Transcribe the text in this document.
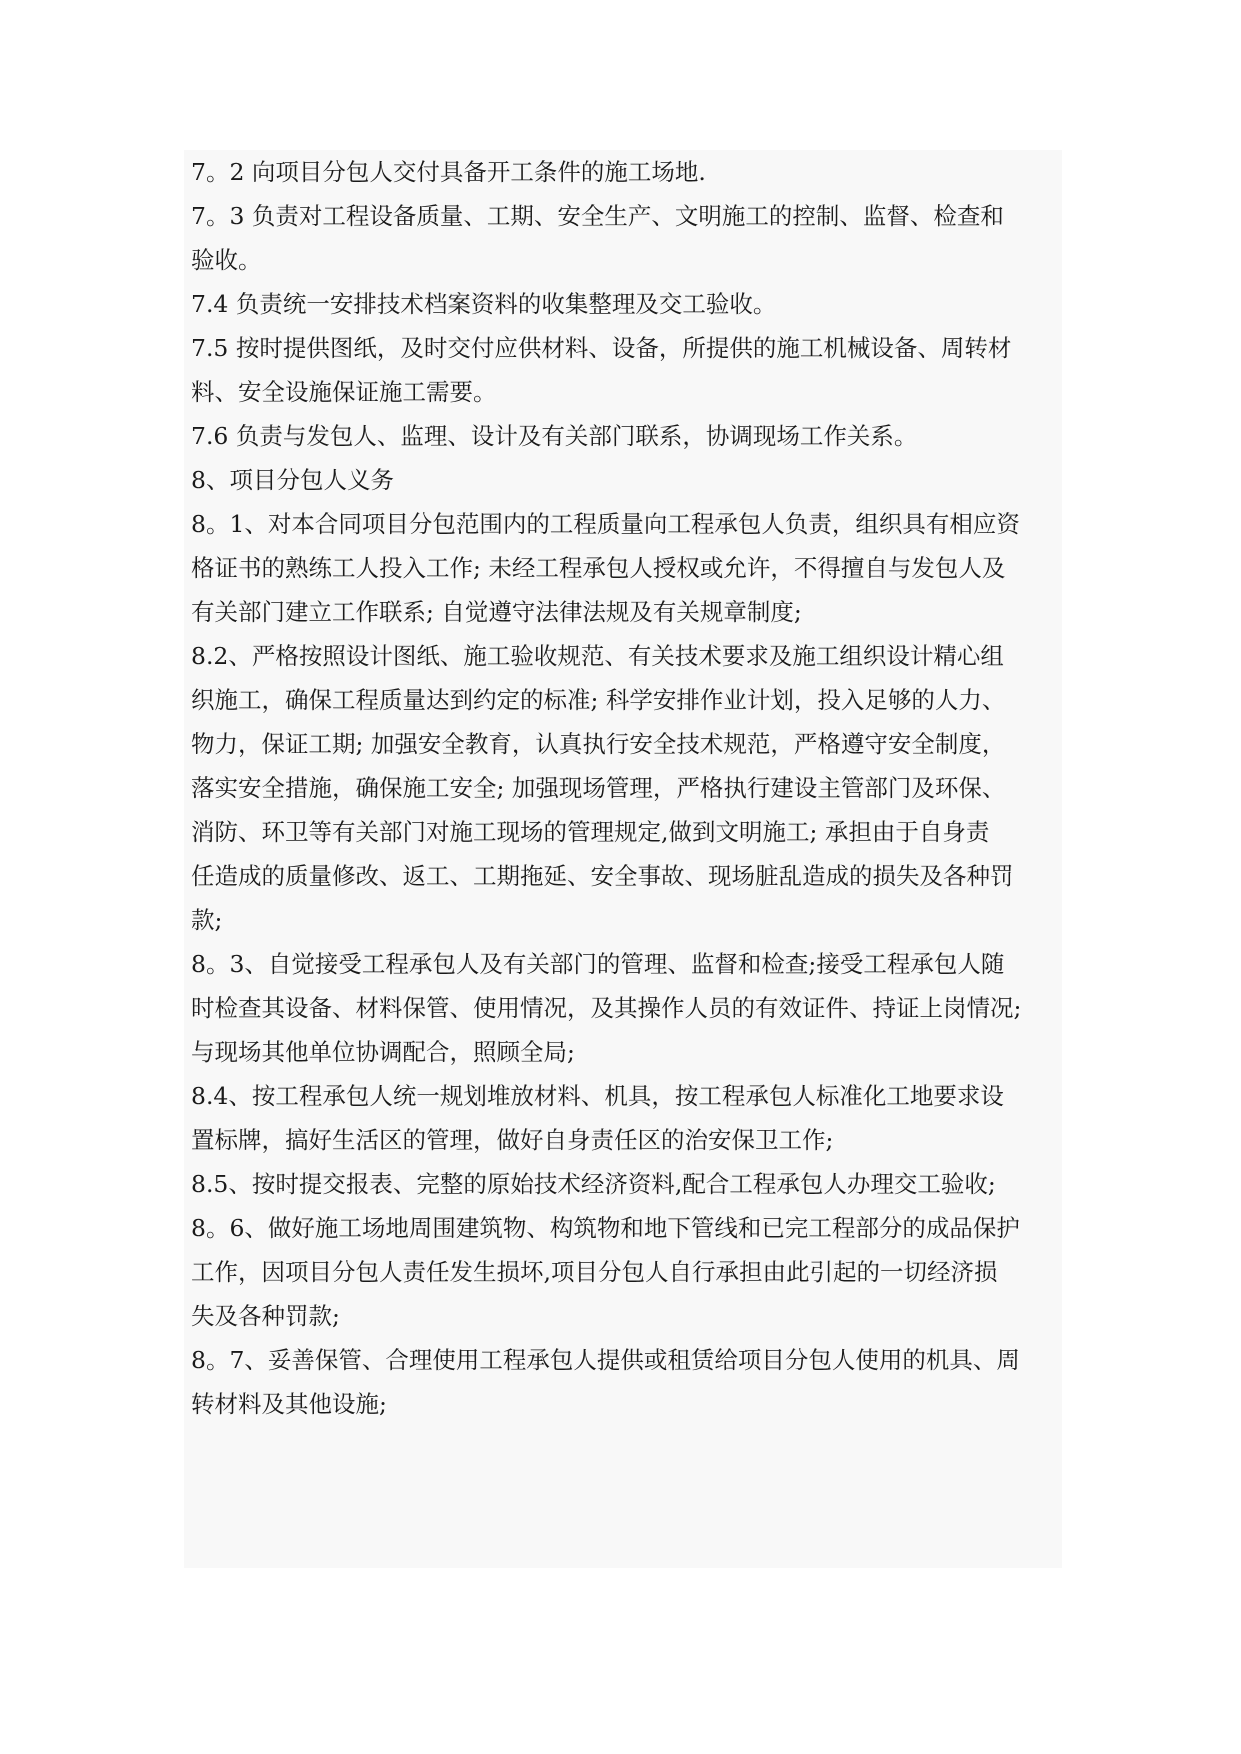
7。2 向项目分包人交付具备开工条件的施工场地.
7。3 负责对工程设备质量、工期、安全生产、文明施工的控制、监督、检查和
验收。
7.4 负责统一安排技术档案资料的收集整理及交工验收。
7.5 按时提供图纸，及时交付应供材料、设备，所提供的施工机械设备、周转材
料、安全设施保证施工需要。
7.6 负责与发包人、监理、设计及有关部门联系，协调现场工作关系。
8、项目分包人义务
8。1、对本合同项目分包范围内的工程质量向工程承包人负责，组织具有相应资
格证书的熟练工人投入工作; 未经工程承包人授权或允许，不得擅自与发包人及
有关部门建立工作联系; 自觉遵守法律法规及有关规章制度;
8.2、严格按照设计图纸、施工验收规范、有关技术要求及施工组织设计精心组
织施工，确保工程质量达到约定的标准; 科学安排作业计划，投入足够的人力、
物力，保证工期; 加强安全教育，认真执行安全技术规范，严格遵守安全制度，
落实安全措施，确保施工安全; 加强现场管理，严格执行建设主管部门及环保、
消防、环卫等有关部门对施工现场的管理规定,做到文明施工; 承担由于自身责
任造成的质量修改、返工、工期拖延、安全事故、现场脏乱造成的损失及各种罚
款;
8。3、自觉接受工程承包人及有关部门的管理、监督和检查;接受工程承包人随
时检查其设备、材料保管、使用情况，及其操作人员的有效证件、持证上岗情况;
与现场其他单位协调配合，照顾全局;
8.4、按工程承包人统一规划堆放材料、机具，按工程承包人标准化工地要求设
置标牌，搞好生活区的管理，做好自身责任区的治安保卫工作;
8.5、按时提交报表、完整的原始技术经济资料,配合工程承包人办理交工验收;
8。6、做好施工场地周围建筑物、构筑物和地下管线和已完工程部分的成品保护
工作，因项目分包人责任发生损坏,项目分包人自行承担由此引起的一切经济损
失及各种罚款;
8。7、妥善保管、合理使用工程承包人提供或租赁给项目分包人使用的机具、周
转材料及其他设施;
